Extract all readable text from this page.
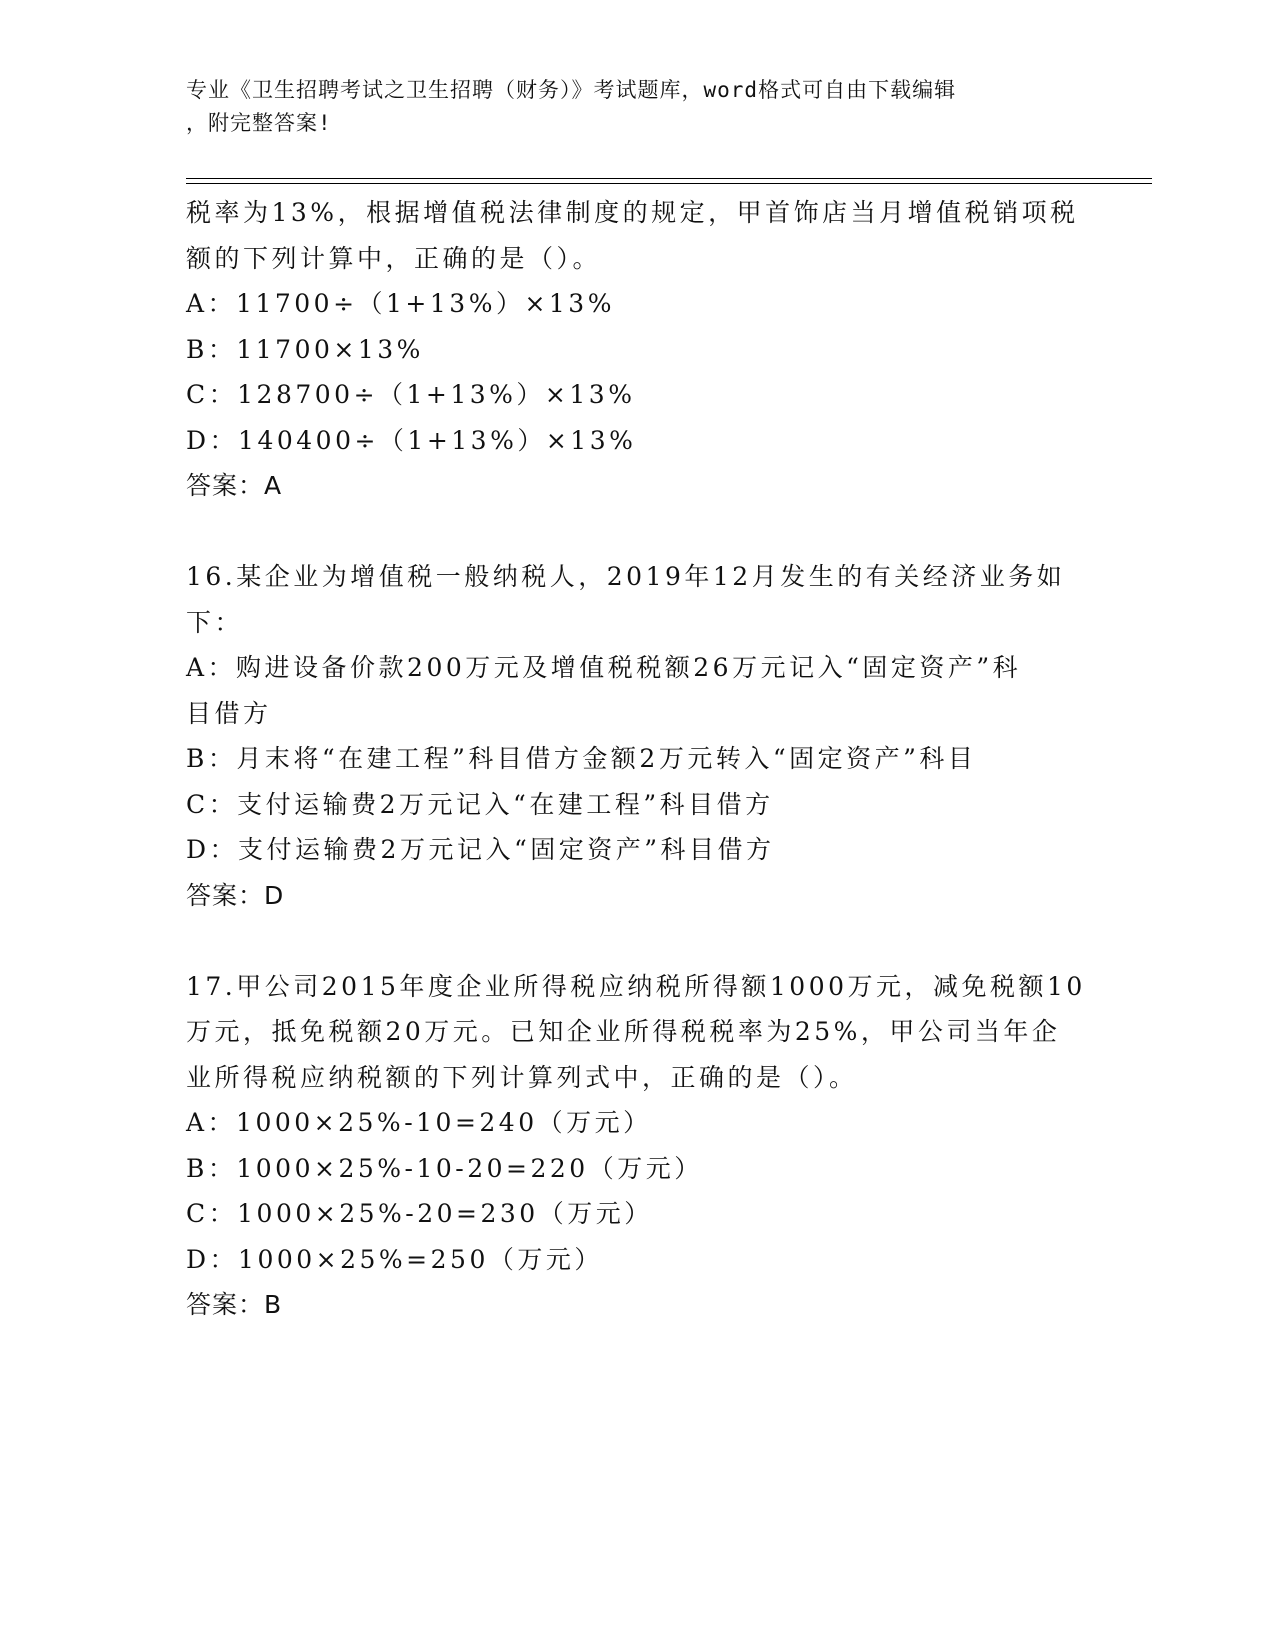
专业《卫生招聘考试之卫生招聘（财务）》考试题库，word格式可自由下载编辑
，附完整答案!
税率为13%，根据增值税法律制度的规定，甲首饰店当月增值税销项税
额的下列计算中，正确的是（）。
A：11700÷（1+13%）×13%
B：11700×13%
C：128700÷（1+13%）×13%
D：140400÷（1+13%）×13%
答案：A
16.某企业为增值税一般纳税人，2019年12月发生的有关经济业务如
下：
A：购进设备价款200万元及增值税税额26万元记入“固定资产”科
目借方
B：月末将“在建工程”科目借方金额2万元转入“固定资产”科目
C：支付运输费2万元记入“在建工程”科目借方
D：支付运输费2万元记入“固定资产”科目借方
答案：D
17.甲公司2015年度企业所得税应纳税所得额1000万元，减免税额10
万元，抵免税额20万元。已知企业所得税税率为25%，甲公司当年企
业所得税应纳税额的下列计算列式中，正确的是（）。
A：1000×25%-10=240（万元）
B：1000×25%-10-20=220（万元）
C：1000×25%-20=230（万元）
D：1000×25%=250（万元）
答案：B
